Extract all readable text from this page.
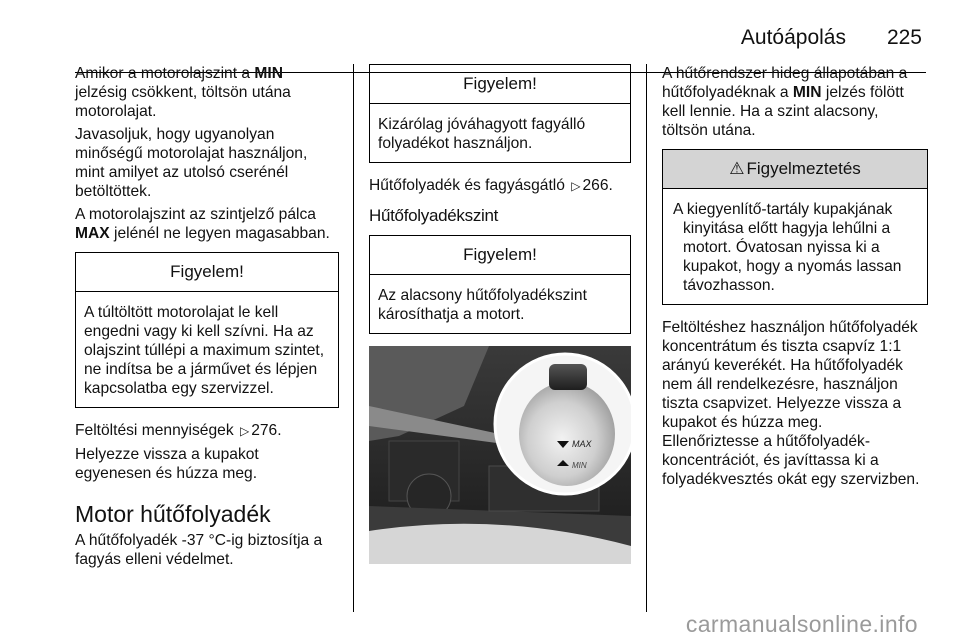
Autóápolás 225

Amikor a motorolajszint a MIN jelzésig csökkent, töltsön utána motorolajat.

Javasoljuk, hogy ugyanolyan minőségű motorolajat használjon, mint amilyet az utolsó cserénél betöltöttek.

A motorolajszint az szintjelző pálca MAX jelénél ne legyen magasabban.

Figyelem!
A túltöltött motorolajat le kell engedni vagy ki kell szívni. Ha az olajszint túllépi a maximum szintet, ne indítsa be a járművet és lépjen kapcsolatba egy szervizzel.

Feltöltési mennyiségek ▷ 276.

Helyezze vissza a kupakot egyenesen és húzza meg.

Motor hűtőfolyadék

A hűtőfolyadék -37 °C-ig biztosítja a fagyás elleni védelmet.

Figyelem!
Kizárólag jóváhagyott fagyálló folyadékot használjon.

Hűtőfolyadék és fagyásgátló ▷ 266.

Hűtőfolyadékszint
Figyelem!
Az alacsony hűtőfolyadékszint károsíthatja a motort.
MAX
MIN

A hűtőrendszer hideg állapotában a hűtőfolyadéknak a MIN jelzés fölött kell lennie. Ha a szint alacsony, töltsön utána.

⚠ Figyelmeztetés
A kiegyenlítő-tartály kupakjának
kinyitása előtt hagyja lehűlni a motort. Óvatosan nyissa ki a kupakot, hogy a nyomás lassan távozhasson.

Feltöltéshez használjon hűtőfolyadék koncentrátum és tiszta csapvíz 1:1 arányú keverékét. Ha hűtőfolyadék nem áll rendelkezésre, használjon tiszta csapvizet. Helyezze vissza a kupakot és húzza meg.

Ellenőriztesse a hűtőfolyadék-koncentrációt, és javíttassa ki a folyadékvesztés okát egy szervizben.

carmanualsonline.info
